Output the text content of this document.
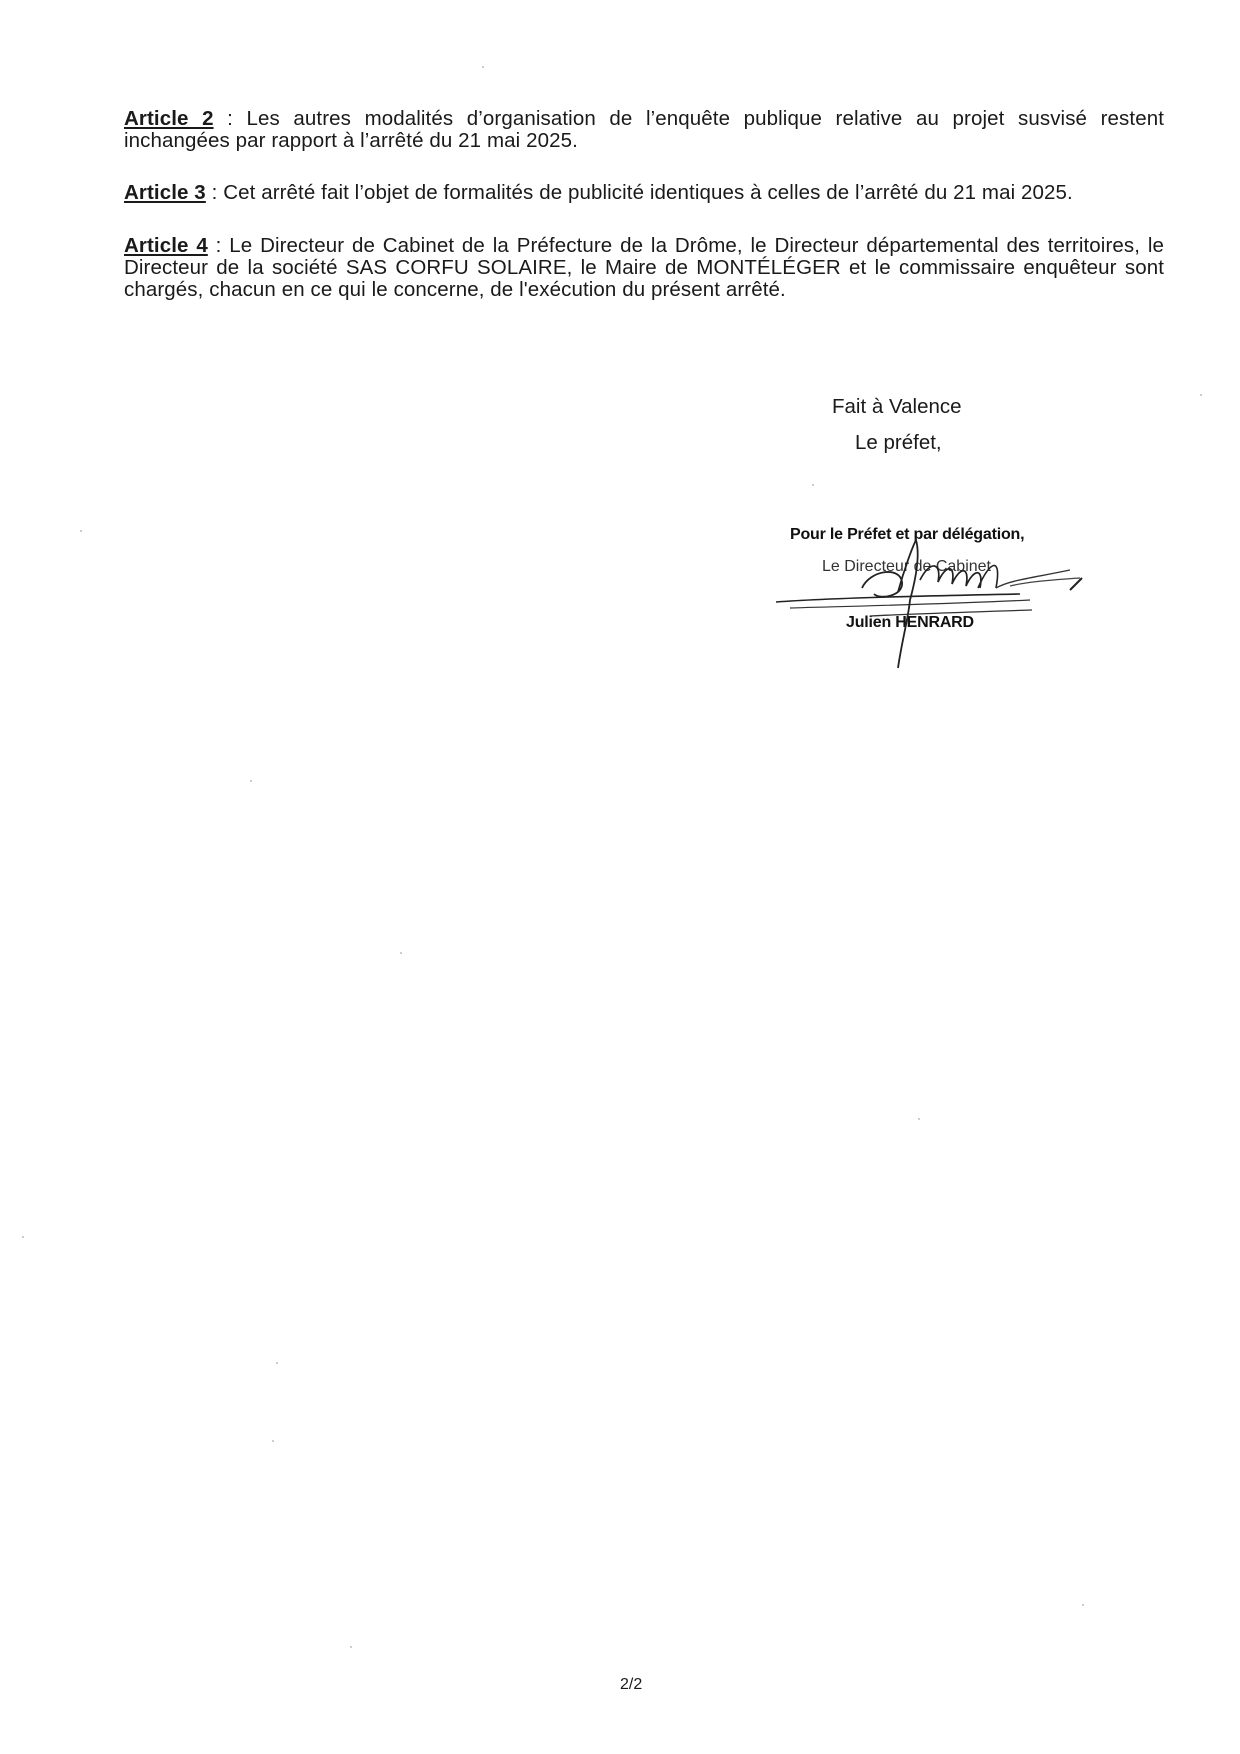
Article 2 : Les autres modalités d’organisation de l’enquête publique relative au projet susvisé restent inchangées par rapport à l’arrêté du 21 mai 2025.

Article 3 : Cet arrêté fait l’objet de formalités de publicité identiques à celles de l’arrêté du 21 mai 2025.

Article 4 : Le Directeur de Cabinet de la Préfecture de la Drôme, le Directeur départemental des territoires, le Directeur de la société SAS CORFU SOLAIRE, le Maire de MONTÉLÉGER et le commissaire enquêteur sont chargés, chacun en ce qui le concerne, de l'exécution du présent arrêté.

Fait à Valence
Le préfet,
Pour le Préfet et par délégation,
Le Directeur de Cabinet
Julien HENRARD
2/2
